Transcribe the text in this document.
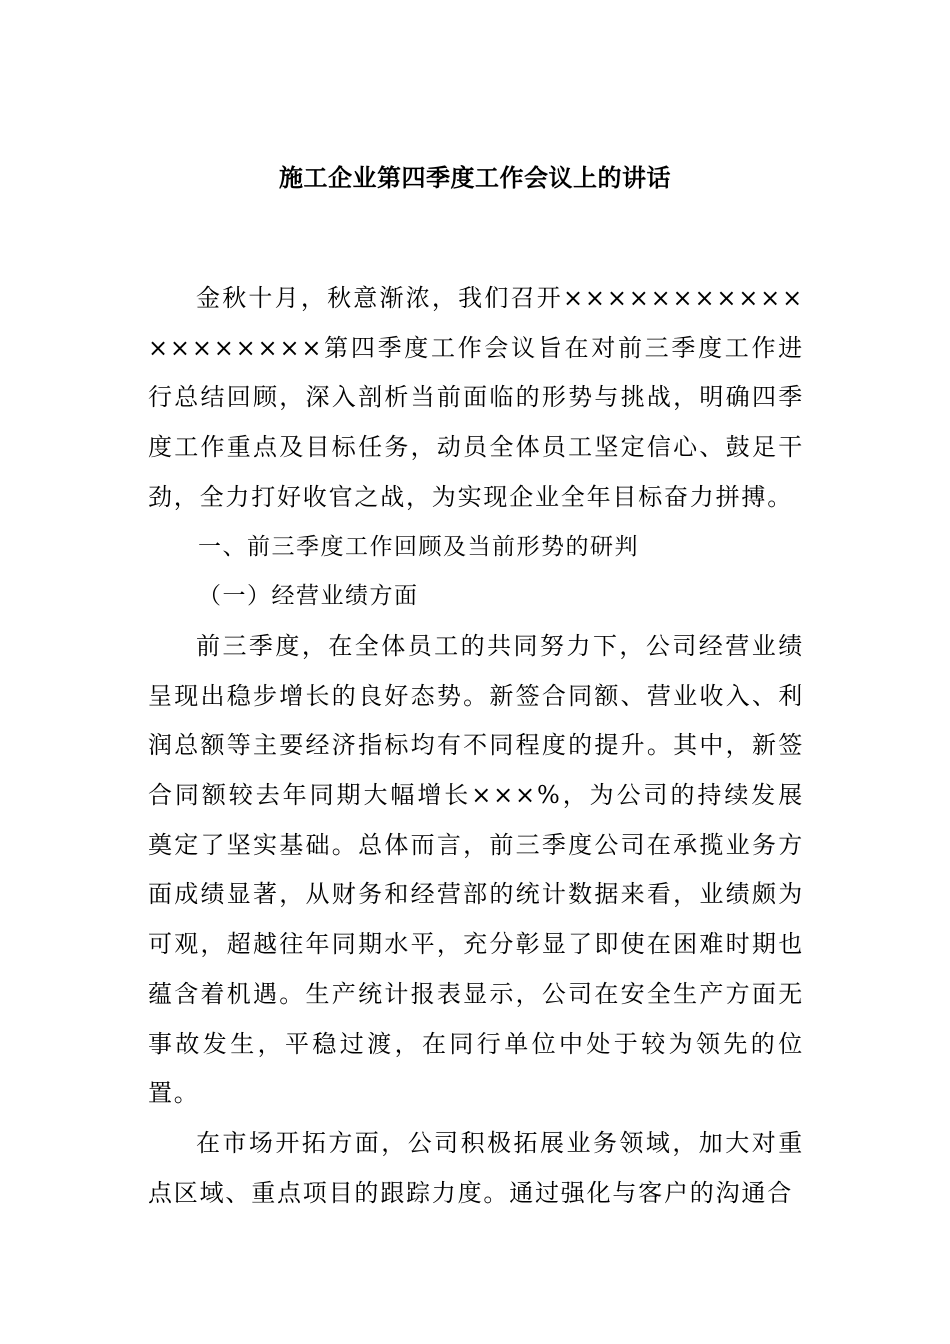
施工企业第四季度工作会议上的讲话

金秋十月，秋意渐浓，我们召开×××××××××××××××××××第四季度工作会议旨在对前三季度工作进行总结回顾，深入剖析当前面临的形势与挑战，明确四季度工作重点及目标任务，动员全体员工坚定信心、鼓足干劲，全力打好收官之战，为实现企业全年目标奋力拼搏。

一、前三季度工作回顾及当前形势的研判

（一）经营业绩方面

前三季度，在全体员工的共同努力下，公司经营业绩呈现出稳步增长的良好态势。新签合同额、营业收入、利润总额等主要经济指标均有不同程度的提升。其中，新签合同额较去年同期大幅增长×××%，为公司的持续发展奠定了坚实基础。总体而言，前三季度公司在承揽业务方面成绩显著，从财务和经营部的统计数据来看，业绩颇为可观，超越往年同期水平，充分彰显了即使在困难时期也蕴含着机遇。生产统计报表显示，公司在安全生产方面无事故发生，平稳过渡，在同行单位中处于较为领先的位置。

在市场开拓方面，公司积极拓展业务领域，加大对重点区域、重点项目的跟踪力度。通过强化与客户的沟通合
